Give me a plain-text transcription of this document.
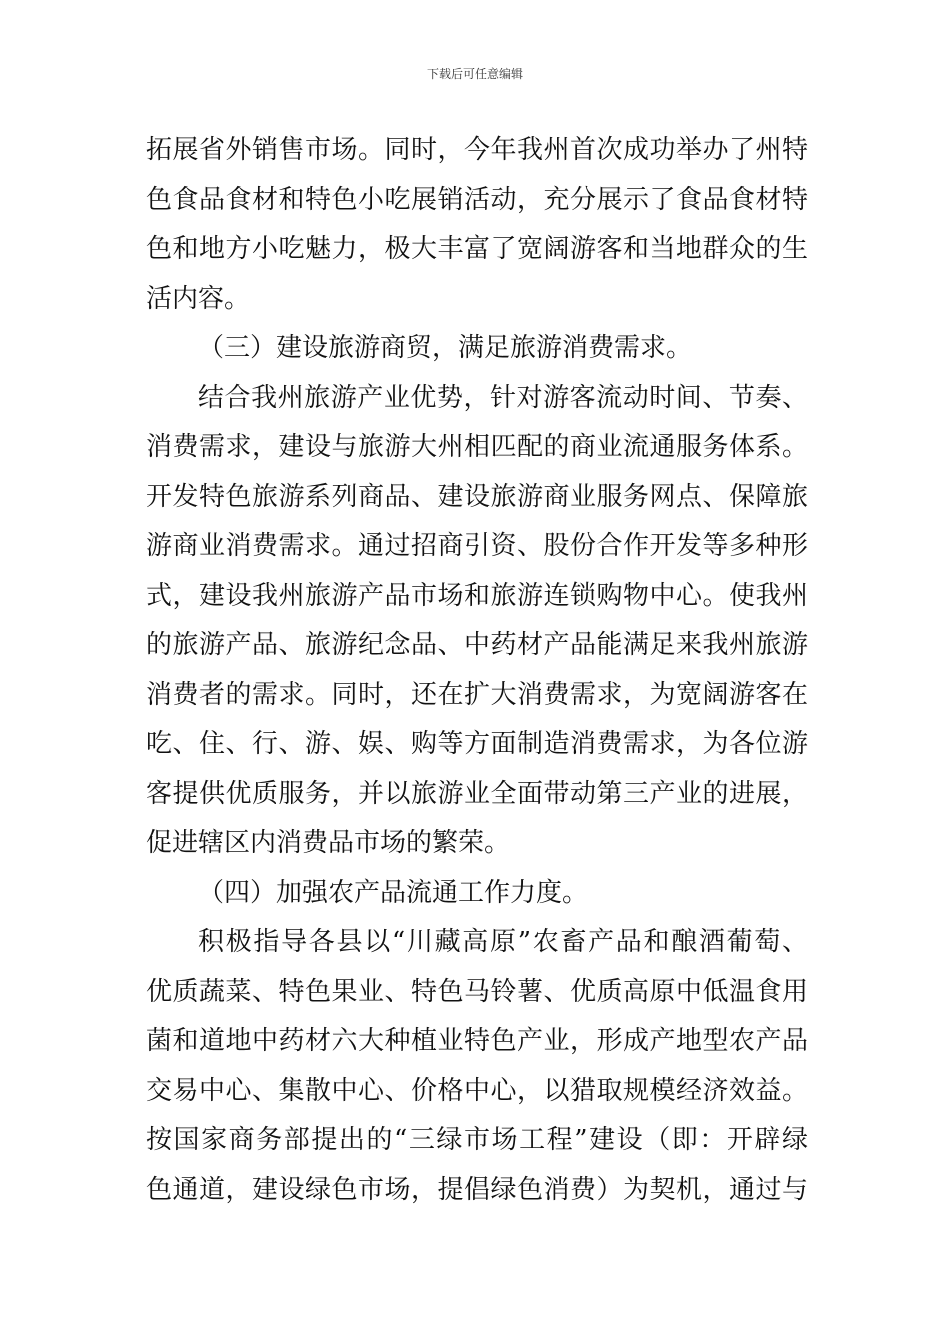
下载后可任意编辑
拓展省外销售市场。同时，今年我州首次成功举办了州特
色食品食材和特色小吃展销活动，充分展示了食品食材特
色和地方小吃魅力，极大丰富了宽阔游客和当地群众的生
活内容。
（三）建设旅游商贸，满足旅游消费需求。
结合我州旅游产业优势，针对游客流动时间、节奏、
消费需求，建设与旅游大州相匹配的商业流通服务体系。
开发特色旅游系列商品、建设旅游商业服务网点、保障旅
游商业消费需求。通过招商引资、股份合作开发等多种形
式，建设我州旅游产品市场和旅游连锁购物中心。使我州
的旅游产品、旅游纪念品、中药材产品能满足来我州旅游
消费者的需求。同时，还在扩大消费需求，为宽阔游客在
吃、住、行、游、娱、购等方面制造消费需求，为各位游
客提供优质服务，并以旅游业全面带动第三产业的进展，
促进辖区内消费品市场的繁荣。
（四）加强农产品流通工作力度。
积极指导各县以“川藏高原”农畜产品和酿酒葡萄、
优质蔬菜、特色果业、特色马铃薯、优质高原中低温食用
菌和道地中药材六大种植业特色产业，形成产地型农产品
交易中心、集散中心、价格中心，以猎取规模经济效益。
按国家商务部提出的“三绿市场工程”建设（即：开辟绿
色通道，建设绿色市场，提倡绿色消费）为契机，通过与
